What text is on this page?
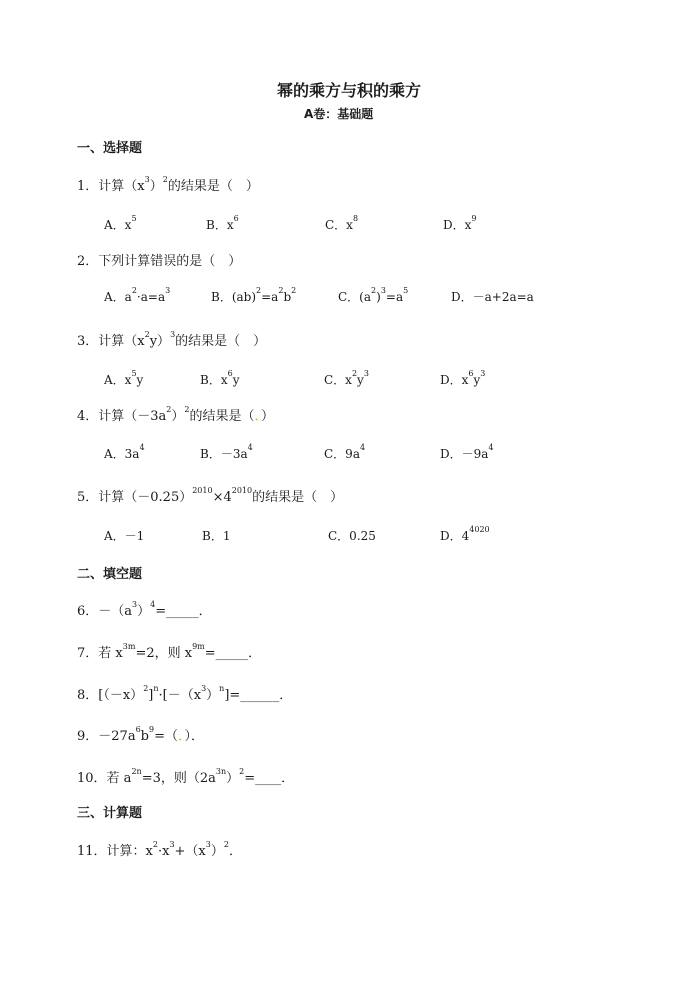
幂的乘方与积的乘方
A卷：基础题
一、选择题
1．计算$(x^3)^2$的结果是（　）
A．$x^5$	B．$x^6$	C．$x^8$	D．$x^9$
2．下列计算错误的是（　）
A．$a^2\cdot a=a^3$	B．$(ab)^2=a^2b^2$	C．$(a^2)^3=a^5$	D．－a+2a=a
3．计算$(x^2y)^3$的结果是（　）
A．$x^5y$	B．$x^6y$	C．$x^2y^3$	D．$x^6y^3$
4．计算$(-3a^2)^2$的结果是（．）
A．$3a^4$	B．$-3a^4$	C．$9a^4$	D．$-9a^4$
5．计算$(-0.25)^{2010}\times 4^{2010}$的结果是（　）
A．－1	B．1	C．0.25	D．$4^{4020}$
二、填空题
6．$-(a^3)^4=\_\_\_\_\_$．
7．若 $x^{3m}=2$，则 $x^{9m}=\_\_\_\_\_$．
8．$[(-x)^2]^n\cdot[-(x^3)^n]=\_\_\_\_\_\_$．
9．$-27a^6b^9=$（．）．
10．若 $a^{2n}=3$，则$(2a^{3n})^2=\_\_\_\_$．
三、计算题
11．计算：$x^2\cdot x^3+(x^3)^2$．
